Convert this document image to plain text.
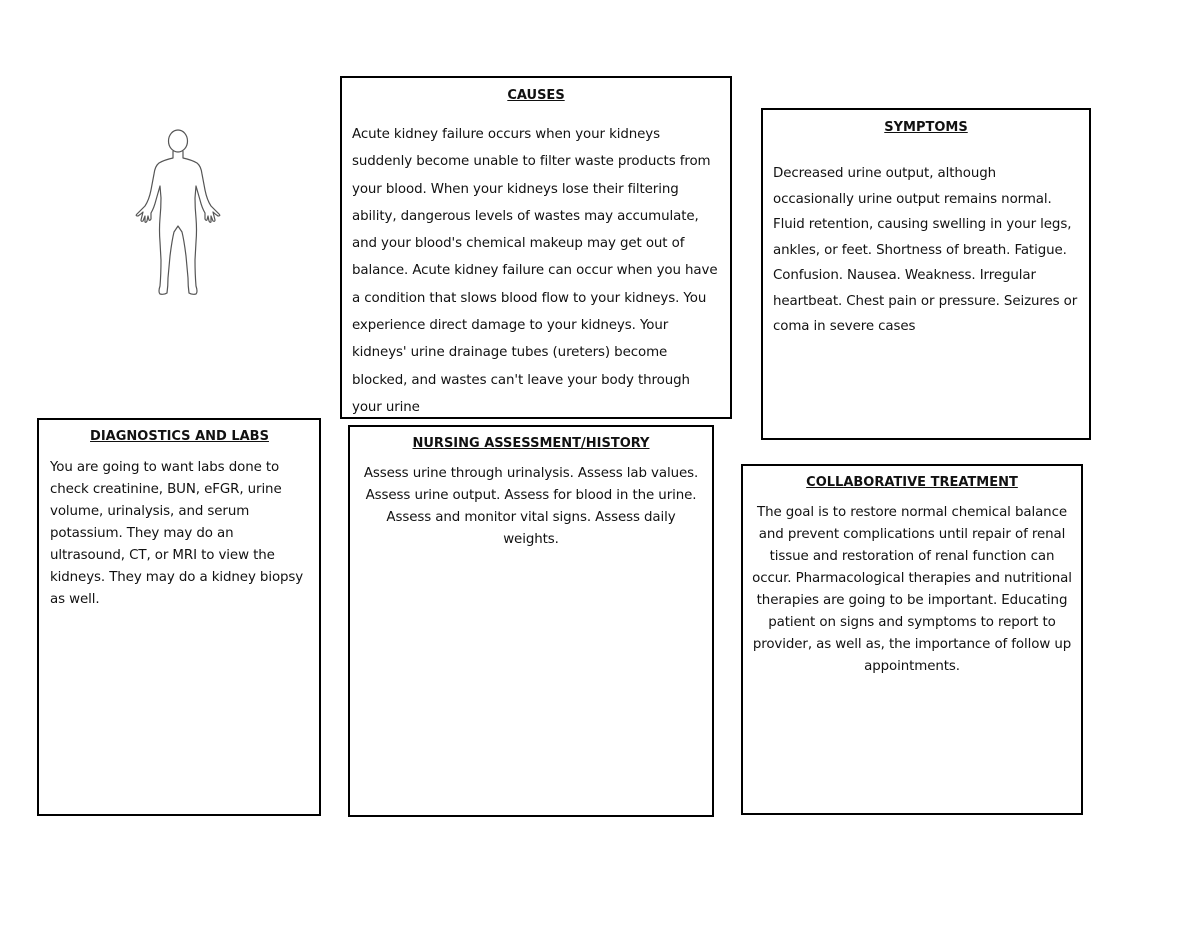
CAUSES
Acute kidney failure occurs when your kidneys suddenly become unable to filter waste products from your blood. When your kidneys lose their filtering ability, dangerous levels of wastes may accumulate, and your blood's chemical makeup may get out of balance. Acute kidney failure can occur when you have a condition that slows blood flow to your kidneys. You experience direct damage to your kidneys. Your kidneys' urine drainage tubes (ureters) become blocked, and wastes can't leave your body through your urine
SYMPTOMS
Decreased urine output, although occasionally urine output remains normal. Fluid retention, causing swelling in your legs, ankles, or feet. Shortness of breath. Fatigue. Confusion. Nausea. Weakness. Irregular heartbeat. Chest pain or pressure. Seizures or coma in severe cases
DIAGNOSTICS AND LABS
You are going to want labs done to check creatinine, BUN, eFGR, urine volume, urinalysis, and serum potassium. They may do an ultrasound, CT, or MRI to view the kidneys. They may do a kidney biopsy as well.
NURSING ASSESSMENT/HISTORY
Assess urine through urinalysis. Assess lab values. Assess urine output. Assess for blood in the urine. Assess and monitor vital signs. Assess daily weights.
COLLABORATIVE TREATMENT
The goal is to restore normal chemical balance and prevent complications until repair of renal tissue and restoration of renal function can occur. Pharmacological therapies and nutritional therapies are going to be important. Educating patient on signs and symptoms to report to provider, as well as, the importance of follow up appointments.
